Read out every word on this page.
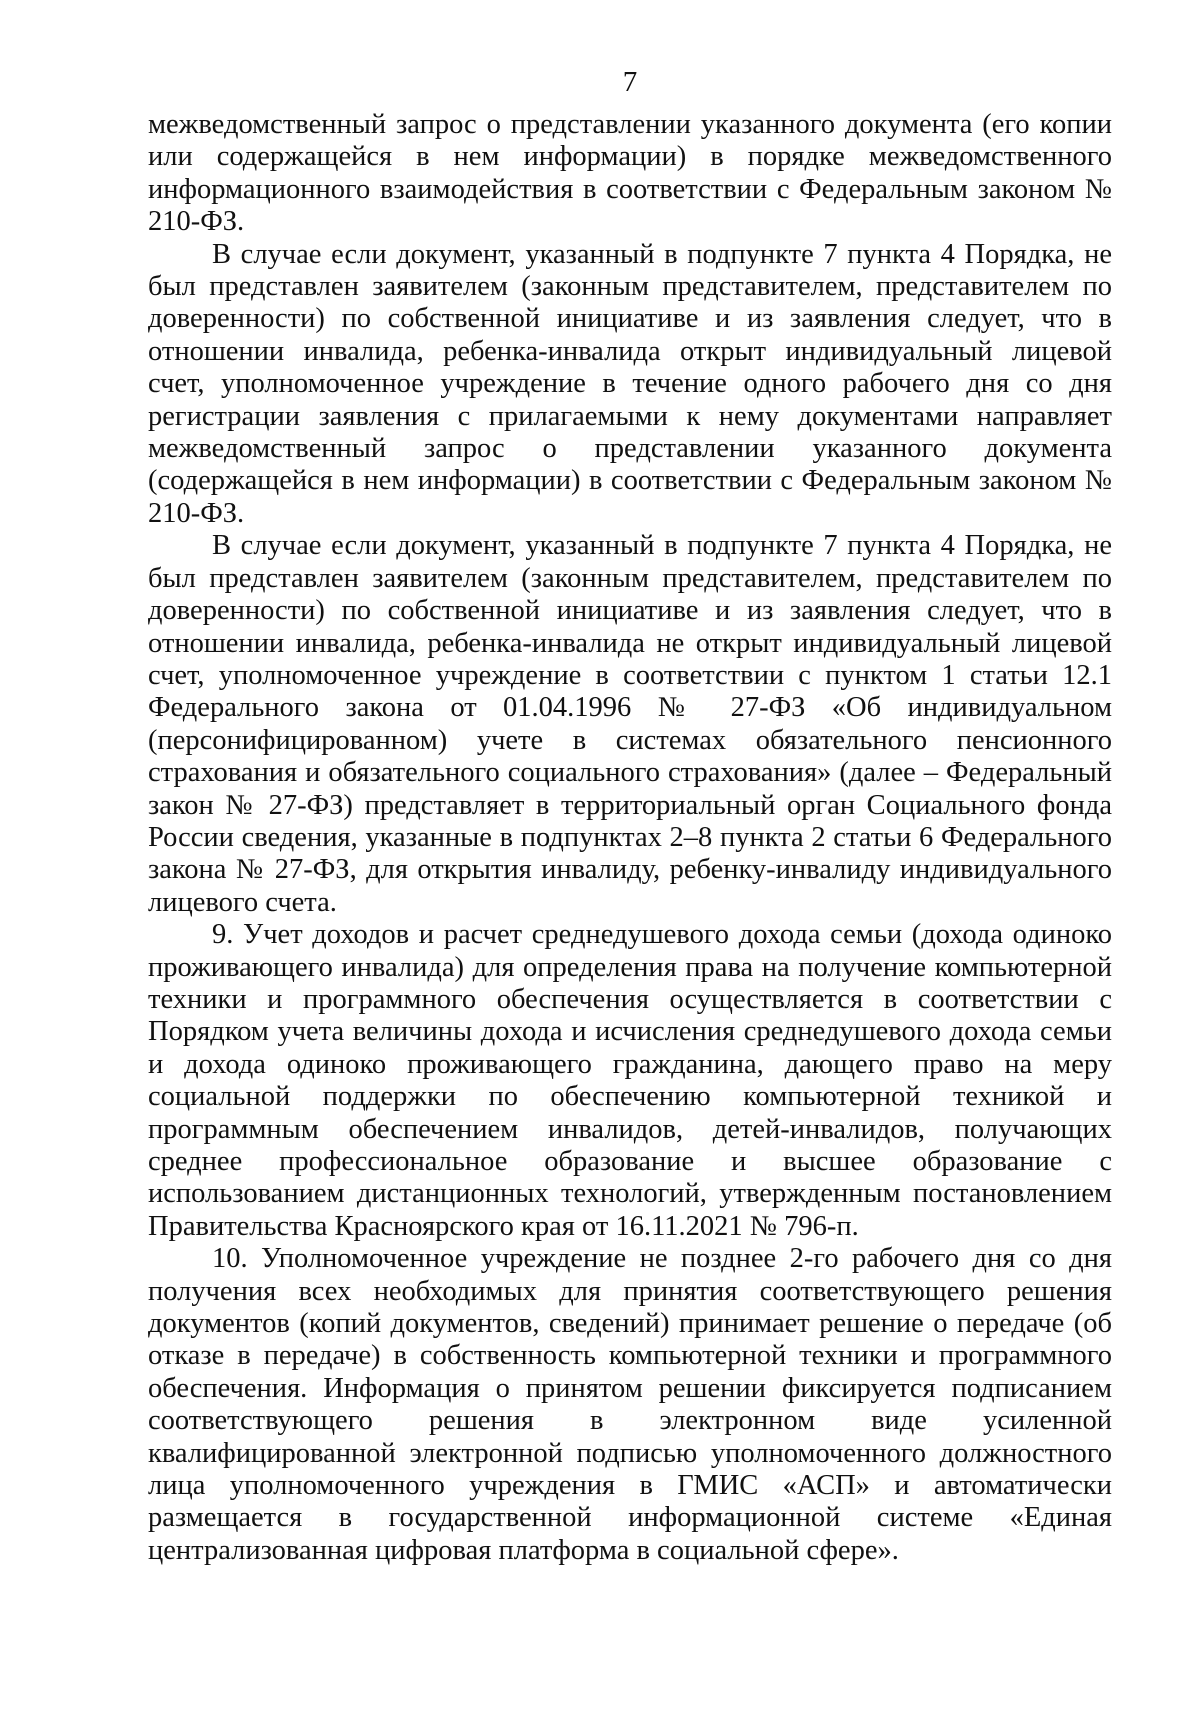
7

межведомственный запрос о представлении указанного документа (его копии или содержащейся в нем информации) в порядке межведомственного информационного взаимодействия в соответствии с Федеральным законом № 210-ФЗ.

В случае если документ, указанный в подпункте 7 пункта 4 Порядка, не был представлен заявителем (законным представителем, представителем по доверенности) по собственной инициативе и из заявления следует, что в отношении инвалида, ребенка-инвалида открыт индивидуальный лицевой счет, уполномоченное учреждение в течение одного рабочего дня со дня регистрации заявления с прилагаемыми к нему документами направляет межведомственный запрос о представлении указанного документа (содержащейся в нем информации) в соответствии с Федеральным законом № 210-ФЗ.

В случае если документ, указанный в подпункте 7 пункта 4 Порядка, не был представлен заявителем (законным представителем, представителем по доверенности) по собственной инициативе и из заявления следует, что в отношении инвалида, ребенка-инвалида не открыт индивидуальный лицевой счет, уполномоченное учреждение в соответствии с пунктом 1 статьи 12.1 Федерального закона от 01.04.1996 № 27-ФЗ «Об индивидуальном (персонифицированном) учете в системах обязательного пенсионного страхования и обязательного социального страхования» (далее – Федеральный закон № 27-ФЗ) представляет в территориальный орган Социального фонда России сведения, указанные в подпунктах 2–8 пункта 2 статьи 6 Федерального закона № 27-ФЗ, для открытия инвалиду, ребенку-инвалиду индивидуального лицевого счета.

9. Учет доходов и расчет среднедушевого дохода семьи (дохода одиноко проживающего инвалида) для определения права на получение компьютерной техники и программного обеспечения осуществляется в соответствии с Порядком учета величины дохода и исчисления среднедушевого дохода семьи и дохода одиноко проживающего гражданина, дающего право на меру социальной поддержки по обеспечению компьютерной техникой и программным обеспечением инвалидов, детей-инвалидов, получающих среднее профессиональное образование и высшее образование с использованием дистанционных технологий, утвержденным постановлением Правительства Красноярского края от 16.11.2021 № 796-п.

10. Уполномоченное учреждение не позднее 2-го рабочего дня со дня получения всех необходимых для принятия соответствующего решения документов (копий документов, сведений) принимает решение о передаче (об отказе в передаче) в собственность компьютерной техники и программного обеспечения. Информация о принятом решении фиксируется подписанием соответствующего решения в электронном виде усиленной квалифицированной электронной подписью уполномоченного должностного лица уполномоченного учреждения в ГМИС «АСП» и автоматически размещается в государственной информационной системе «Единая централизованная цифровая платформа в социальной сфере».
